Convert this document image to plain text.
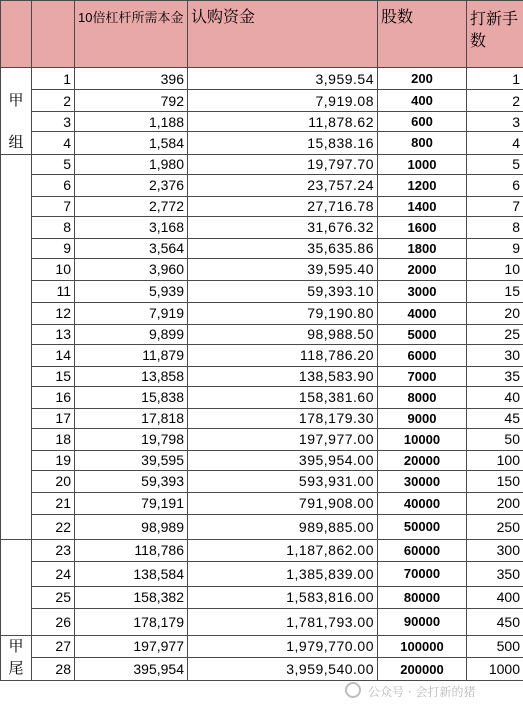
		10倍杠杆所需本金	认购资金	股数	打新手数
	1	396	3,959.54	200	1
甲	2	792	7,919.08	400	2
	3	1,188	11,878.62	600	3
组	4	1,584	15,838.16	800	4
	5	1,980	19,797.70	1000	5
	6	2,376	23,757.24	1200	6
	7	2,772	27,716.78	1400	7
	8	3,168	31,676.32	1600	8
	9	3,564	35,635.86	1800	9
	10	3,960	39,595.40	2000	10
	11	5,939	59,393.10	3000	15
	12	7,919	79,190.80	4000	20
	13	9,899	98,988.50	5000	25
	14	11,879	118,786.20	6000	30
	15	13,858	138,583.90	7000	35
	16	15,838	158,381.60	8000	40
	17	17,818	178,179.30	9000	45
	18	19,798	197,977.00	10000	50
	19	39,595	395,954.00	20000	100
	20	59,393	593,931.00	30000	150
	21	79,191	791,908.00	40000	200
	22	98,989	989,885.00	50000	250
	23	118,786	1,187,862.00	60000	300
	24	138,584	1,385,839.00	70000	350
	25	158,382	1,583,816.00	80000	400
	26	178,179	1,781,793.00	90000	450
甲	27	197,977	1,979,770.00	100000	500
尾	28	395,954	3,959,540.00	200000	1000
公众号 · 会打新的猪
